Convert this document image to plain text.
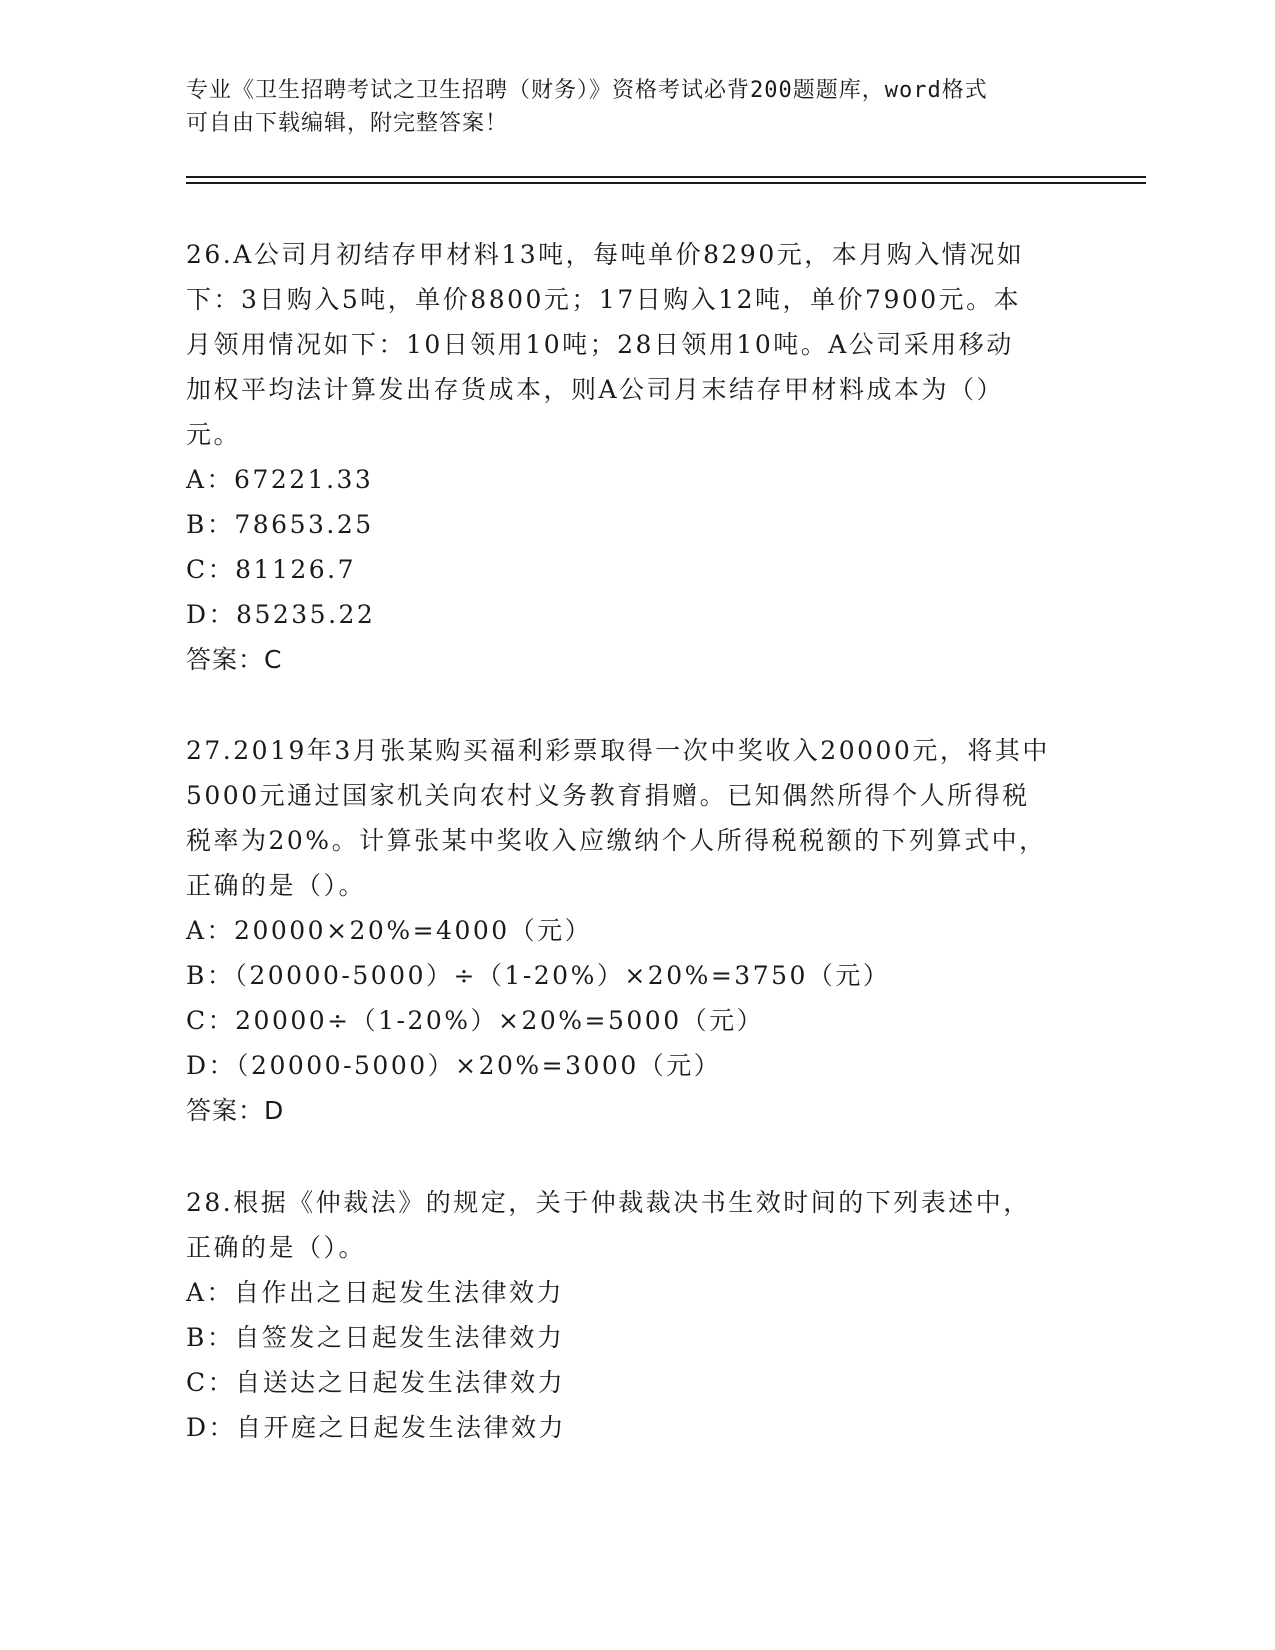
专业《卫生招聘考试之卫生招聘（财务）》资格考试必背200题题库，word格式
可自由下载编辑，附完整答案！
26.A公司月初结存甲材料13吨，每吨单价8290元，本月购入情况如
下：3日购入5吨，单价8800元；17日购入12吨，单价7900元。本
月领用情况如下：10日领用10吨；28日领用10吨。A公司采用移动
加权平均法计算发出存货成本，则A公司月末结存甲材料成本为（）
元。
A：67221.33
B：78653.25
C：81126.7
D：85235.22
答案：C
27.2019年3月张某购买福利彩票取得一次中奖收入20000元，将其中
5000元通过国家机关向农村义务教育捐赠。已知偶然所得个人所得税
税率为20%。计算张某中奖收入应缴纳个人所得税税额的下列算式中，
正确的是（）。
A：20000×20%=4000（元）
B：（20000-5000）÷（1-20%）×20%=3750（元）
C：20000÷（1-20%）×20%=5000（元）
D：（20000-5000）×20%=3000（元）
答案：D
28.根据《仲裁法》的规定，关于仲裁裁决书生效时间的下列表述中，
正确的是（）。
A：自作出之日起发生法律效力
B：自签发之日起发生法律效力
C：自送达之日起发生法律效力
D：自开庭之日起发生法律效力
